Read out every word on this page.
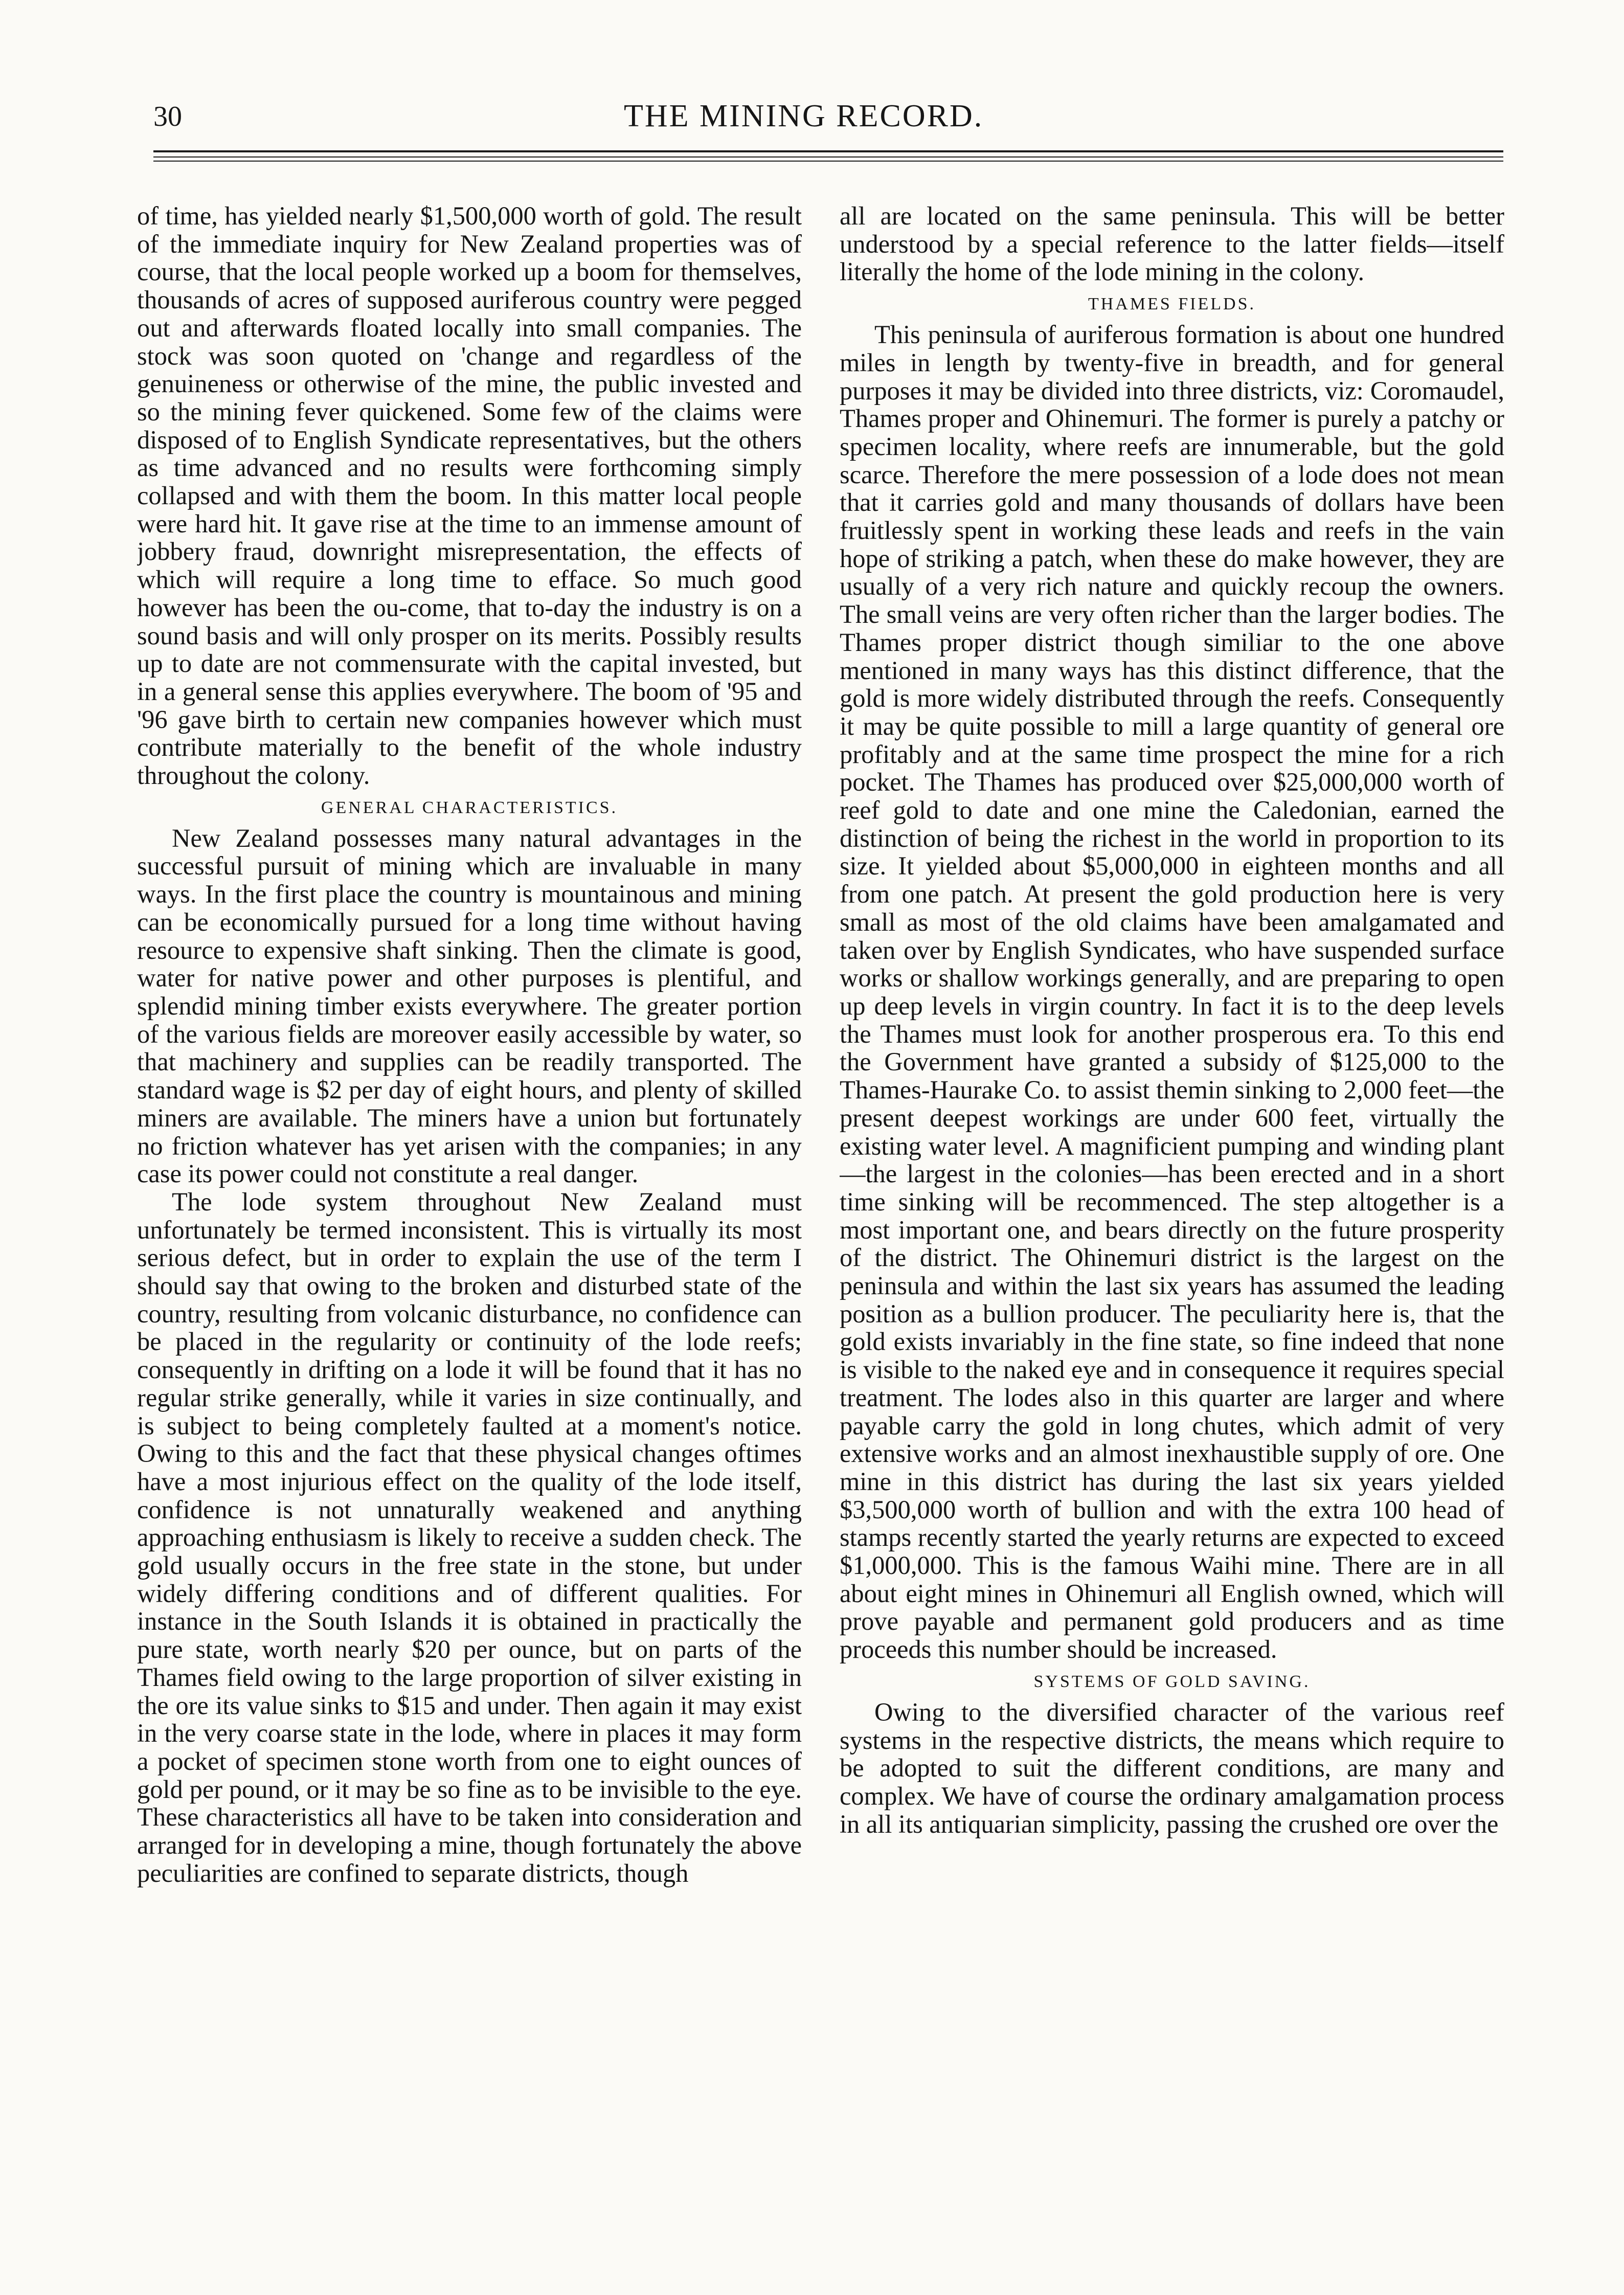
30	THE MINING RECORD.

of time, has yielded nearly $1,500,000 worth of gold. The result of the immediate inquiry for New Zealand properties was of course, that the local people worked up a boom for themselves, thousands of acres of supposed auriferous country were pegged out and afterwards floated locally into small companies. The stock was soon quoted on 'change and regardless of the genuineness or otherwise of the mine, the public invested and so the mining fever quickened. Some few of the claims were disposed of to English Syndicate representatives, but the others as time advanced and no results were forthcoming simply collapsed and with them the boom. In this matter local people were hard hit. It gave rise at the time to an immense amount of jobbery fraud, downright misrepresentation, the effects of which will require a long time to efface. So much good however has been the ou-come, that to-day the industry is on a sound basis and will only prosper on its merits. Possibly results up to date are not commensurate with the capital invested, but in a general sense this applies everywhere. The boom of '95 and '96 gave birth to certain new companies however which must contribute materially to the benefit of the whole industry throughout the colony.

GENERAL CHARACTERISTICS.

New Zealand possesses many natural advantages in the successful pursuit of mining which are invaluable in many ways. In the first place the country is mountainous and mining can be economically pursued for a long time without having resource to expensive shaft sinking. Then the climate is good, water for native power and other purposes is plentiful, and splendid mining timber exists everywhere. The greater portion of the various fields are moreover easily accessible by water, so that machinery and supplies can be readily transported. The standard wage is $2 per day of eight hours, and plenty of skilled miners are available. The miners have a union but fortunately no friction whatever has yet arisen with the companies; in any case its power could not constitute a real danger.

The lode system throughout New Zealand must unfortunately be termed inconsistent. This is virtually its most serious defect, but in order to explain the use of the term I should say that owing to the broken and disturbed state of the country, resulting from volcanic disturbance, no confidence can be placed in the regularity or continuity of the lode reefs; consequently in drifting on a lode it will be found that it has no regular strike generally, while it varies in size continually, and is subject to being completely faulted at a moment's notice. Owing to this and the fact that these physical changes oftimes have a most injurious effect on the quality of the lode itself, confidence is not unnaturally weakened and anything approaching enthusiasm is likely to receive a sudden check. The gold usually occurs in the free state in the stone, but under widely differing conditions and of different qualities. For instance in the South Islands it is obtained in practically the pure state, worth nearly $20 per ounce, but on parts of the Thames field owing to the large proportion of silver existing in the ore its value sinks to $15 and under. Then again it may exist in the very coarse state in the lode, where in places it may form a pocket of specimen stone worth from one to eight ounces of gold per pound, or it may be so fine as to be invisible to the eye. These characteristics all have to be taken into consideration and arranged for in developing a mine, though fortunately the above peculiarities are confined to separate districts, though

all are located on the same peninsula. This will be better understood by a special reference to the latter fields—itself literally the home of the lode mining in the colony.

THAMES FIELDS.

This peninsula of auriferous formation is about one hundred miles in length by twenty-five in breadth, and for general purposes it may be divided into three districts, viz: Coromaudel, Thames proper and Ohinemuri. The former is purely a patchy or specimen locality, where reefs are innumerable, but the gold scarce. Therefore the mere possession of a lode does not mean that it carries gold and many thousands of dollars have been fruitlessly spent in working these leads and reefs in the vain hope of striking a patch, when these do make however, they are usually of a very rich nature and quickly recoup the owners. The small veins are very often richer than the larger bodies. The Thames proper district though similiar to the one above mentioned in many ways has this distinct difference, that the gold is more widely distributed through the reefs. Consequently it may be quite possible to mill a large quantity of general ore profitably and at the same time prospect the mine for a rich pocket. The Thames has produced over $25,000,000 worth of reef gold to date and one mine the Caledonian, earned the distinction of being the richest in the world in proportion to its size. It yielded about $5,000,000 in eighteen months and all from one patch. At present the gold production here is very small as most of the old claims have been amalgamated and taken over by English Syndicates, who have suspended surface works or shallow workings generally, and are preparing to open up deep levels in virgin country. In fact it is to the deep levels the Thames must look for another prosperous era. To this end the Government have granted a subsidy of $125,000 to the Thames-Haurake Co. to assist themin sinking to 2,000 feet—the present deepest workings are under 600 feet, virtually the existing water level. A magnificient pumping and winding plant—the largest in the colonies—has been erected and in a short time sinking will be recommenced. The step altogether is a most important one, and bears directly on the future prosperity of the district. The Ohinemuri district is the largest on the peninsula and within the last six years has assumed the leading position as a bullion producer. The peculiarity here is, that the gold exists invariably in the fine state, so fine indeed that none is visible to the naked eye and in consequence it requires special treatment. The lodes also in this quarter are larger and where payable carry the gold in long chutes, which admit of very extensive works and an almost inexhaustible supply of ore. One mine in this district has during the last six years yielded $3,500,000 worth of bullion and with the extra 100 head of stamps recently started the yearly returns are expected to exceed $1,000,000. This is the famous Waihi mine. There are in all about eight mines in Ohinemuri all English owned, which will prove payable and permanent gold producers and as time proceeds this number should be increased.

SYSTEMS OF GOLD SAVING.

Owing to the diversified character of the various reef systems in the respective districts, the means which require to be adopted to suit the different conditions, are many and complex. We have of course the ordinary amalgamation process in all its antiquarian simplicity, passing the crushed ore over the
